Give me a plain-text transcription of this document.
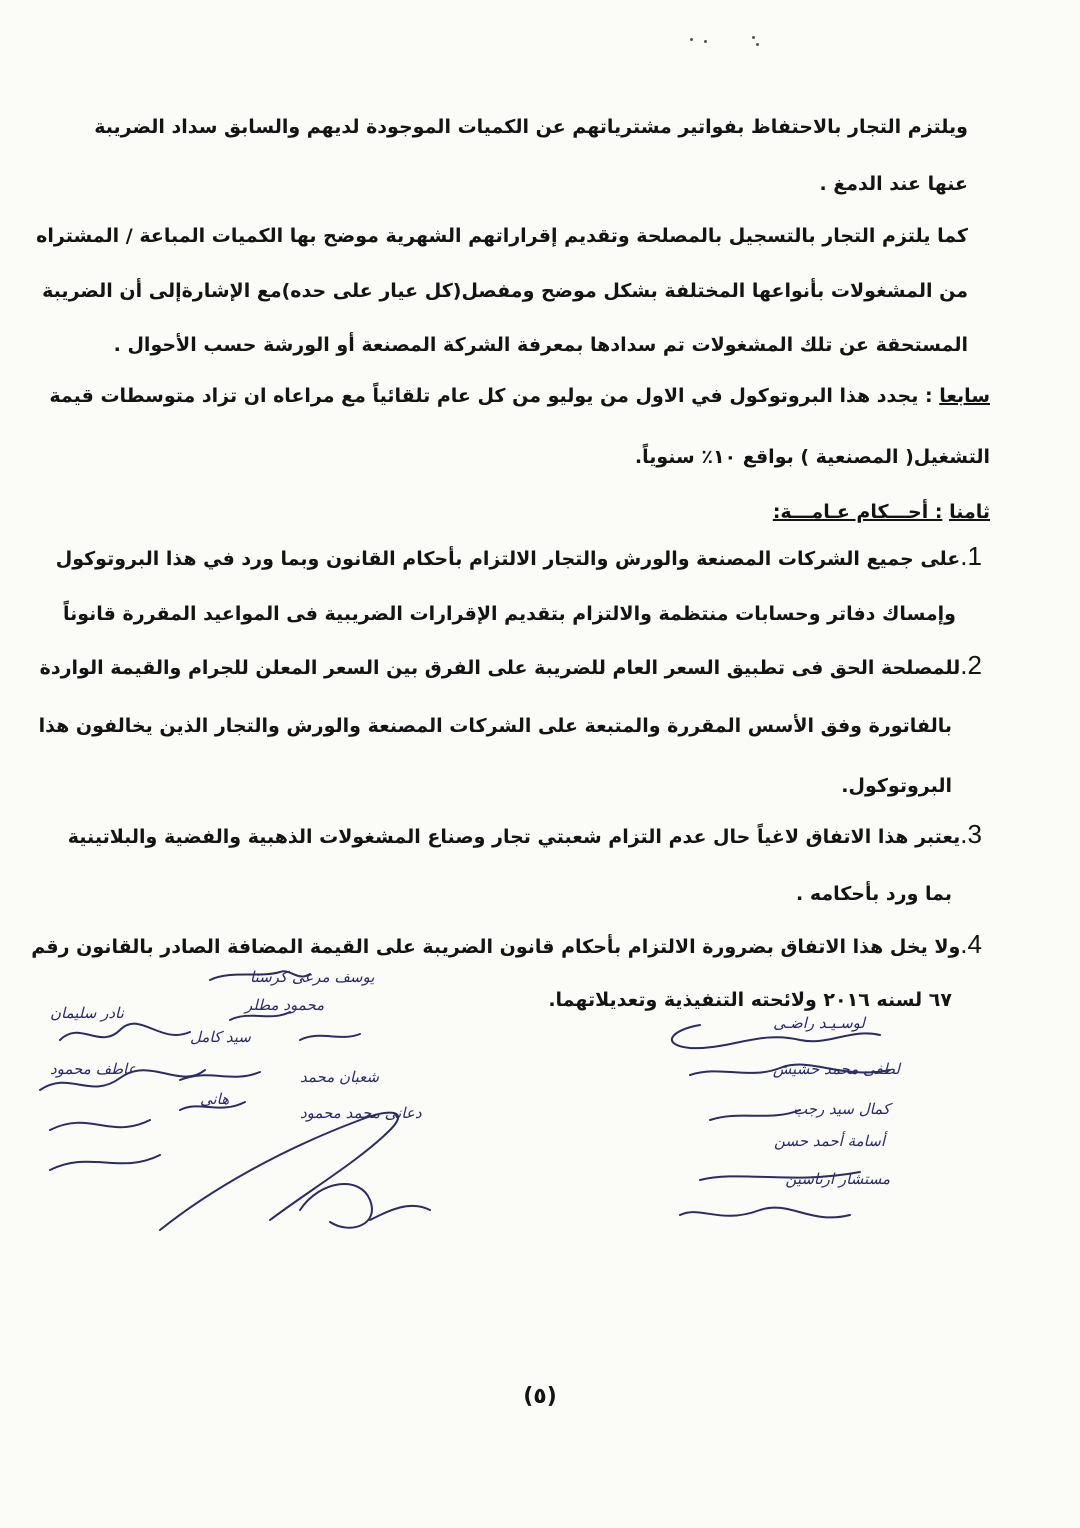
ويلتزم التجار بالاحتفاظ بفواتير مشترياتهم عن الكميات الموجودة لديهم والسابق سداد الضريبة
عنها عند الدمغ .
كما يلتزم التجار بالتسجيل بالمصلحة وتقديم إقراراتهم الشهرية موضح بها الكميات المباعة / المشتراه
من المشغولات بأنواعها المختلفة بشكل موضح ومفصل(كل عيار على حده)مع الإشارةإلى أن الضريبة
المستحقة عن تلك المشغولات تم سدادها بمعرفة الشركة المصنعة أو الورشة حسب الأحوال .
سابعا : يجدد هذا البروتوكول في الاول من يوليو من كل عام تلقائياً مع مراعاه ان تزاد متوسطات قيمة
التشغيل( المصنعية ) بواقع ١٠٪ سنوياً.
ثامنا : أحـــكام عـامـــة:
1.على جميع الشركات المصنعة والورش والتجار الالتزام بأحكام القانون وبما ورد في هذا البروتوكول
وإمساك دفاتر وحسابات منتظمة والالتزام بتقديم الإقرارات الضريبية فى المواعيد المقررة قانوناً
2.للمصلحة الحق فى تطبيق السعر العام للضريبة على الفرق بين السعر المعلن للجرام والقيمة الواردة
بالفاتورة وفق الأسس المقررة والمتبعة على الشركات المصنعة والورش والتجار الذين يخالفون هذا
البروتوكول.
3.يعتبر هذا الاتفاق لاغياً حال عدم التزام شعبتي تجار وصناع المشغولات الذهبية والفضية والبلاتينية
بما ورد بأحكامه .
4.ولا يخل هذا الاتفاق بضرورة الالتزام بأحكام قانون الضريبة على القيمة المضافة الصادر بالقانون رقم
٦٧ لسنه ٢٠١٦ ولائحته التنفيذية وتعديلاتهما.
لوسـيـد راضـى
لطفى محمد حشيش
كمال سيد رجب
أسامة أحمد حسن
مستشار ارناسين
يوسف مرعى كرسنا
محمود مطلر
سيد كامل
نادر سليمان
عاطف محمود	شعبان محمد
هانى
دعانى محمد محمود
(٥)
